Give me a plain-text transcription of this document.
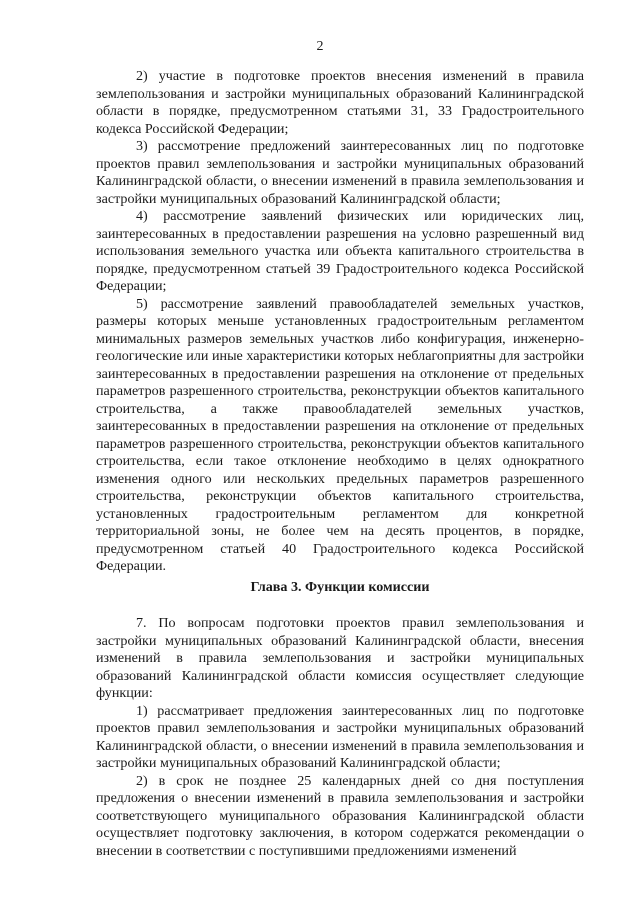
2

2) участие в подготовке проектов внесения изменений в правила землепользования и застройки муниципальных образований Калининградской области в порядке, предусмотренном статьями 31, 33 Градостроительного кодекса Российской Федерации;

3) рассмотрение предложений заинтересованных лиц по подготовке проектов правил землепользования и застройки муниципальных образований Калининградской области, о внесении изменений в правила землепользования и застройки муниципальных образований Калининградской области;

4) рассмотрение заявлений физических или юридических лиц, заинтересованных в предоставлении разрешения на условно разрешенный вид использования земельного участка или объекта капитального строительства в порядке, предусмотренном статьей 39 Градостроительного кодекса Российской Федерации;

5) рассмотрение заявлений правообладателей земельных участков, размеры которых меньше установленных градостроительным регламентом минимальных размеров земельных участков либо конфигурация, инженерно-геологические или иные характеристики которых неблагоприятны для застройки заинтересованных в предоставлении разрешения на отклонение от предельных параметров разрешенного строительства, реконструкции объектов капитального строительства, а также правообладателей земельных участков, заинтересованных в предоставлении разрешения на отклонение от предельных параметров разрешенного строительства, реконструкции объектов капитального строительства, если такое отклонение необходимо в целях однократного изменения одного или нескольких предельных параметров разрешенного строительства, реконструкции объектов капитального строительства, установленных градостроительным регламентом для конкретной территориальной зоны, не более чем на десять процентов, в порядке, предусмотренном статьей 40 Градостроительного кодекса Российской Федерации.

Глава 3. Функции комиссии

7. По вопросам подготовки проектов правил землепользования и застройки муниципальных образований Калининградской области, внесения изменений в правила землепользования и застройки муниципальных образований Калининградской области комиссия осуществляет следующие функции:

1) рассматривает предложения заинтересованных лиц по подготовке проектов правил землепользования и застройки муниципальных образований Калининградской области, о внесении изменений в правила землепользования и застройки муниципальных образований Калининградской области;

2) в срок не позднее 25 календарных дней со дня поступления предложения о внесении изменений в правила землепользования и застройки соответствующего муниципального образования Калининградской области осуществляет подготовку заключения, в котором содержатся рекомендации о внесении в соответствии с поступившими предложениями изменений
